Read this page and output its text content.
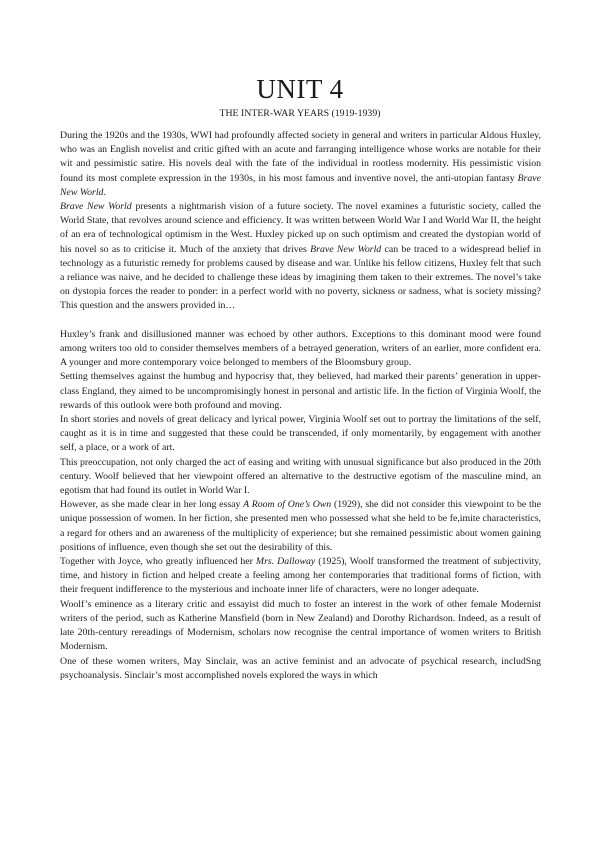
UNIT 4
THE INTER-WAR YEARS (1919-1939)

During the 1920s and the 1930s, WWI had profoundly affected society in general and writers in particular Aldous Huxley, who was an English novelist and critic gifted with an acute and farranging intelligence whose works are notable for their wit and pessimistic satire. His novels deal with the fate of the individual in rootless modernity. His pessimistic vision found its most complete expression in the 1930s, in his most famous and inventive novel, the anti-utopian fantasy Brave New World.

Brave New World presents a nightmarish vision of a future society. The novel examines a futuristic society, called the World State, that revolves around science and efficiency. It was written between World War I and World War II, the height of an era of technological optimism in the West. Huxley picked up on such optimism and created the dystopian world of his novel so as to criticise it. Much of the anxiety that drives Brave New World can be traced to a widespread belief in technology as a futuristic remedy for problems caused by disease and war. Unlike his fellow citizens, Huxley felt that such a reliance was naive, and he decided to challenge these ideas by imagining them taken to their extremes. The novel’s take on dystopia forces the reader to ponder: in a perfect world with no poverty, sickness or sadness, what is society missing? This question and the answers provided in…

Huxley’s frank and disillusioned manner was echoed by other authors. Exceptions to this dominant mood were found among writers too old to consider themselves members of a betrayed generation, writers of an earlier, more confident era. A younger and more contemporary voice belonged to members of the Bloomsbury group.

Setting themselves against the humbug and hypocrisy that, they believed, had marked their parents’ generation in upper-class England, they aimed to be uncompromisingly honest in personal and artistic life. In the fiction of Virginia Woolf, the rewards of this outlook were both profound and moving.

In short stories and novels of great delicacy and lyrical power, Virginia Woolf set out to portray the limitations of the self, caught as it is in time and suggested that these could be transcended, if only momentarily, by engagement with another self, a place, or a work of art.

This preoccupation, not only charged the act of easing and writing with unusual significance but also produced in the 20th century. Woolf believed that her viewpoint offered an alternative to the destructive egotism of the masculine mind, an egotism that had found its outlet in World War I.

However, as she made clear in her long essay A Room of One’s Own (1929), she did not consider this viewpoint to be the unique possession of women. In her fiction, she presented men who possessed what she held to be fe,imite characteristics, a regard for others and an awareness of the multiplicity of experience; but she remained pessimistic about women gaining positions of influence, even though she set out the desirability of this.

Together with Joyce, who greatly influenced her Mrs. Dalloway (1925), Woolf transformed the treatment of subjectivity, time, and history in fiction and helped create a feeling among her contemporaries that traditional forms of fiction, with their frequent indifference to the mysterious and inchoate inner life of characters, were no longer adequate.

Woolf’s eminence as a literary critic and essayist did much to foster an interest in the work of other female Modernist writers of the period, such as Katherine Mansfield (born in New Zealand) and Dorothy Richardson. Indeed, as a result of late 20th-century rereadings of Modernism, scholars now recognise the central importance of women writers to British Modernism.

One of these women writers, May Sinclair, was an active feminist and an advocate of psychical research, includSng psychoanalysis. Sinclair’s most accomplished novels explored the ways in which
